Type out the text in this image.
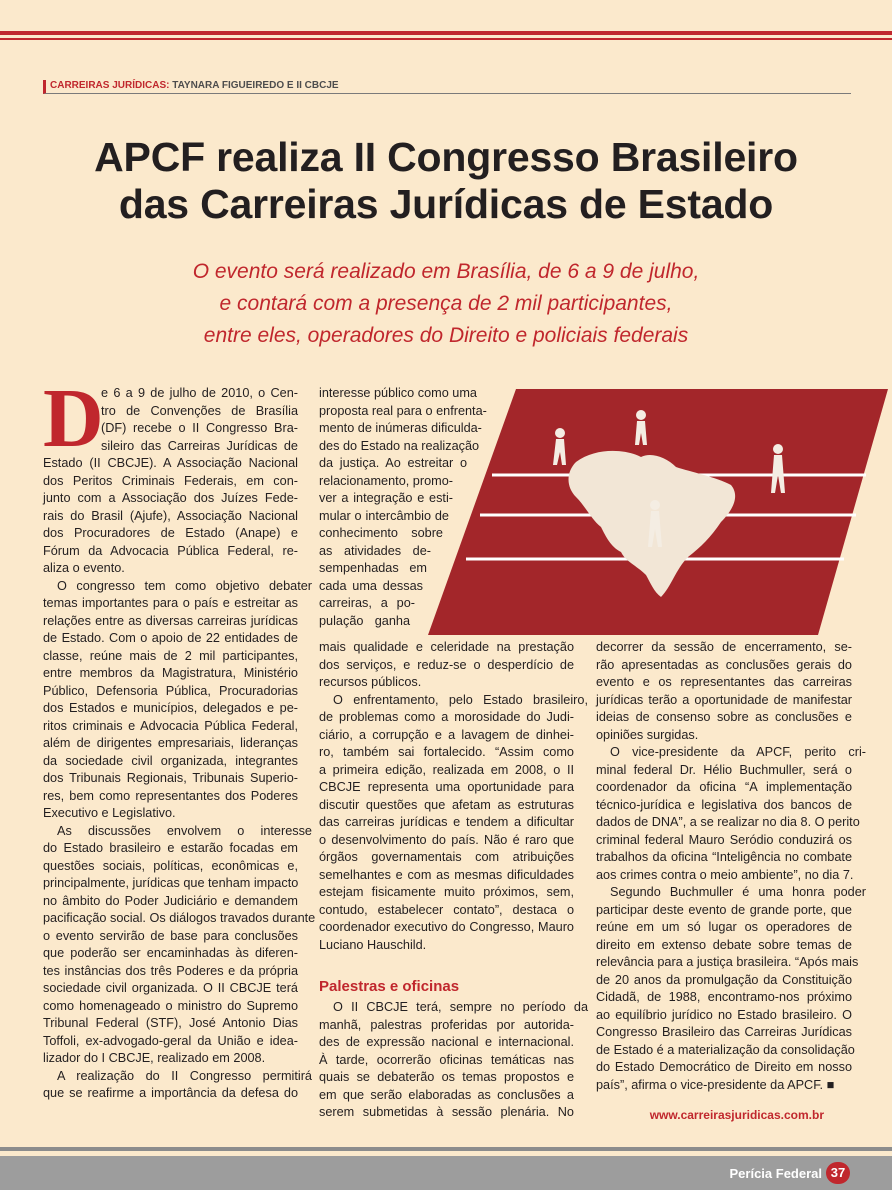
CARREIRAS JURÍDICAS: TAYNARA FIGUEIREDO E II CBCJE
APCF realiza II Congresso Brasileiro
das Carreiras Jurídicas de Estado
O evento será realizado em Brasília, de 6 a 9 de julho,
e contará com a presença de 2 mil participantes,
entre eles, operadores do Direito e policiais federais
D
e 6 a 9 de julho de 2010, o Cen-
tro de Convenções de Brasília
(DF) recebe o II Congresso Bra-
sileiro das Carreiras Jurídicas de
Estado (II CBCJE). A Associação Nacional
dos Peritos Criminais Federais, em con-
junto com a Associação dos Juízes Fede-
rais do Brasil (Ajufe), Associação Nacional
dos Procuradores de Estado (Anape) e
Fórum da Advocacia Pública Federal, re-
aliza o evento.
O congresso tem como objetivo debater
temas importantes para o país e estreitar as
relações entre as diversas carreiras jurídicas
de Estado. Com o apoio de 22 entidades de
classe, reúne mais de 2 mil participantes,
entre membros da Magistratura, Ministério
Público, Defensoria Pública, Procuradorias
dos Estados e municípios, delegados e pe-
ritos criminais e Advocacia Pública Federal,
além de dirigentes empresariais, lideranças
da sociedade civil organizada, integrantes
dos Tribunais Regionais, Tribunais Superio-
res, bem como representantes dos Poderes
Executivo e Legislativo.
As discussões envolvem o interesse
do Estado brasileiro e estarão focadas em
questões sociais, políticas, econômicas e,
principalmente, jurídicas que tenham impacto
no âmbito do Poder Judiciário e demandem
pacificação social. Os diálogos travados durante
o evento servirão de base para conclusões
que poderão ser encaminhadas às diferen-
tes instâncias dos três Poderes e da própria
sociedade civil organizada. O II CBCJE terá
como homenageado o ministro do Supremo
Tribunal Federal (STF), José Antonio Dias
Toffoli, ex-advogado-geral da União e idea-
lizador do I CBCJE, realizado em 2008.
A realização do II Congresso permitirá
que se reafirme a importância da defesa do
interesse público como uma
proposta real para o enfrenta-
mento de inúmeras dificulda-
des do Estado na realização
da justiça. Ao estreitar o
relacionamento, promo-
ver a integração e esti-
mular o intercâmbio de
conhecimento sobre
as atividades de-
sempenhadas em
cada uma dessas
carreiras, a po-
pulação ganha
mais qualidade e celeridade na prestação
dos serviços, e reduz-se o desperdício de
recursos públicos.
O enfrentamento, pelo Estado brasileiro,
de problemas como a morosidade do Judi-
ciário, a corrupção e a lavagem de dinhei-
ro, também sai fortalecido. “Assim como
a primeira edição, realizada em 2008, o II
CBCJE representa uma oportunidade para
discutir questões que afetam as estruturas
das carreiras jurídicas e tendem a dificultar
o desenvolvimento do país. Não é raro que
órgãos governamentais com atribuições
semelhantes e com as mesmas dificuldades
estejam fisicamente muito próximos, sem,
contudo, estabelecer contato”, destaca o
coordenador executivo do Congresso, Mauro
Luciano Hauschild.
Palestras e oficinas
O II CBCJE terá, sempre no período da
manhã, palestras proferidas por autorida-
des de expressão nacional e internacional.
À tarde, ocorrerão oficinas temáticas nas
quais se debaterão os temas propostos e
em que serão elaboradas as conclusões a
serem submetidas à sessão plenária. No
decorrer da sessão de encerramento, se-
rão apresentadas as conclusões gerais do
evento e os representantes das carreiras
jurídicas terão a oportunidade de manifestar
ideias de consenso sobre as conclusões e
opiniões surgidas.
O vice-presidente da APCF, perito cri-
minal federal Dr. Hélio Buchmuller, será o
coordenador da oficina “A implementação
técnico-jurídica e legislativa dos bancos de
dados de DNA”, a se realizar no dia 8. O perito
criminal federal Mauro Seródio conduzirá os
trabalhos da oficina “Inteligência no combate
aos crimes contra o meio ambiente”, no dia 7.
Segundo Buchmuller é uma honra poder
participar deste evento de grande porte, que
reúne em um só lugar os operadores de
direito em extenso debate sobre temas de
relevância para a justiça brasileira. “Após mais
de 20 anos da promulgação da Constituição
Cidadã, de 1988, encontramo-nos próximo
ao equilíbrio jurídico no Estado brasileiro. O
Congresso Brasileiro das Carreiras Jurídicas
de Estado é a materialização da consolidação
do Estado Democrático de Direito em nosso
país”, afirma o vice-presidente da APCF. ■
www.carreirasjuridicas.com.br
Perícia Federal 37
